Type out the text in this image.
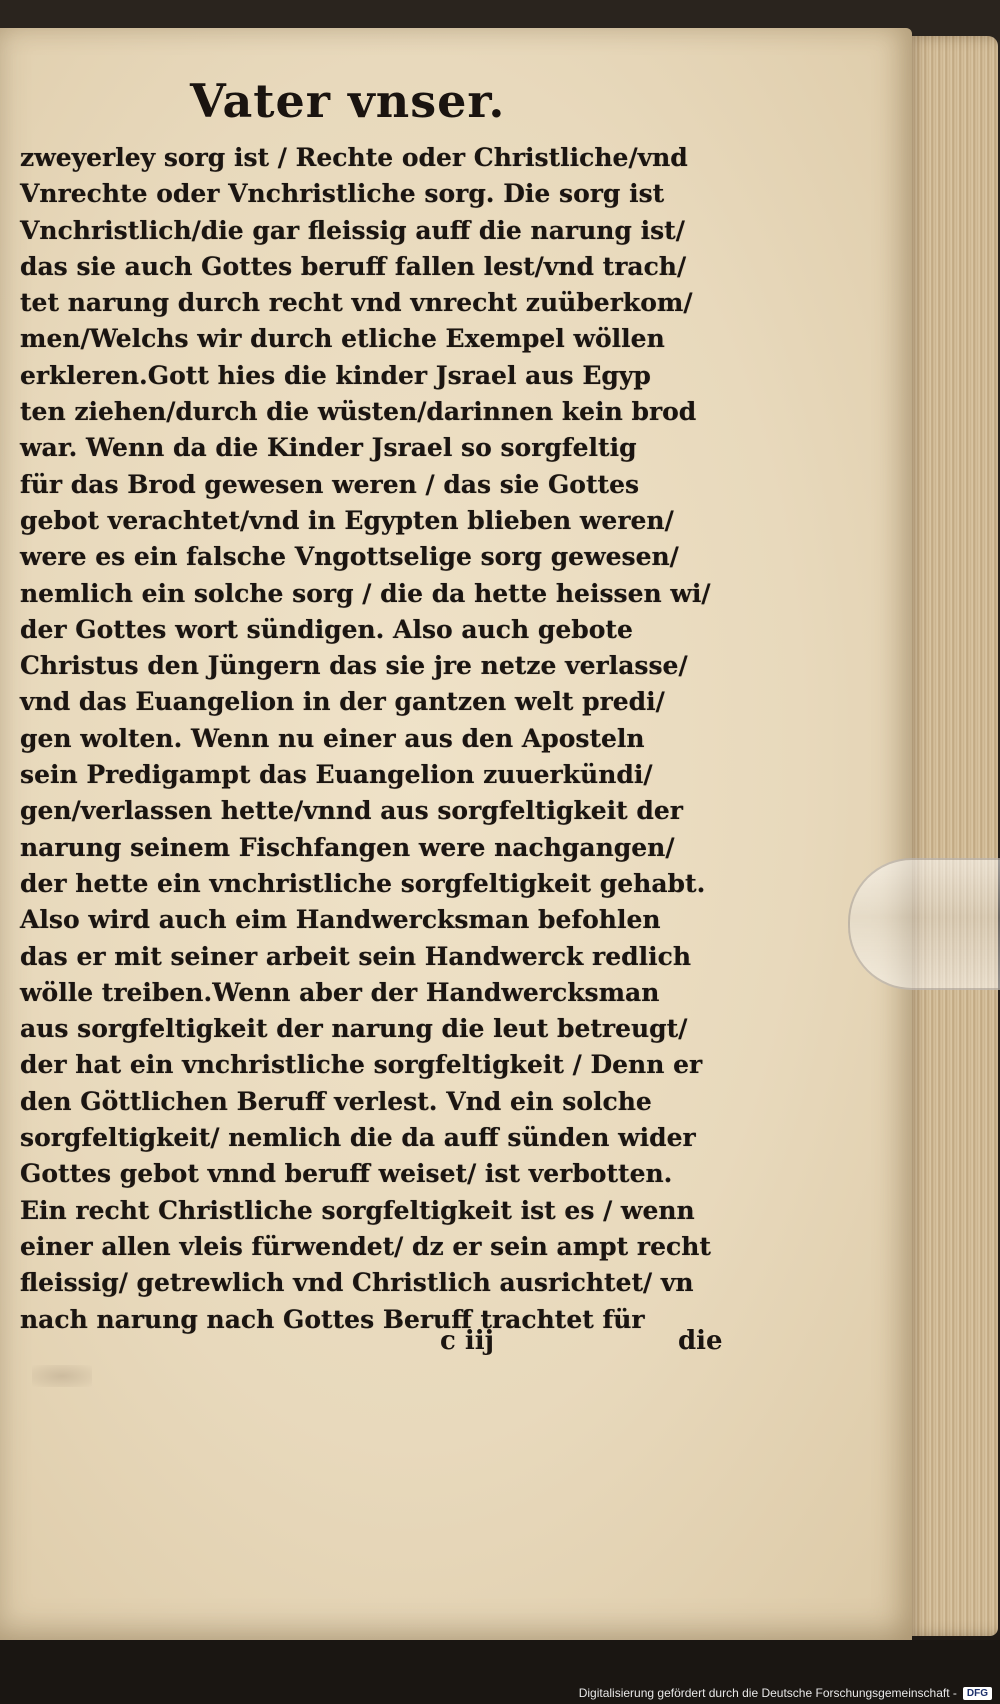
Vater vnser.
zweyerley sorg ist / Rechte oder Christliche/vnd
Vnrechte oder Vnchristliche sorg. Die sorg ist
Vnchristlich/die gar fleissig auff die narung ist/
das sie auch Gottes beruff fallen lest/vnd trach/
tet narung durch recht vnd vnrecht zuüberkom/
men/Welchs wir durch etliche Exempel wöllen
erkleren.Gott hies die kinder Jsrael aus Egyp
ten ziehen/durch die wüsten/darinnen kein brod
war. Wenn da die Kinder Jsrael so sorgfeltig
für das Brod gewesen weren / das sie Gottes
gebot verachtet/vnd in Egypten blieben weren/
were es ein falsche Vngottselige sorg gewesen/
nemlich ein solche sorg / die da hette heissen wi/
der Gottes wort sündigen. Also auch gebote
Christus den Jüngern das sie jre netze verlasse/
vnd das Euangelion in der gantzen welt predi/
gen wolten. Wenn nu einer aus den Aposteln
sein Predigampt das Euangelion zuuerkündi/
gen/verlassen hette/vnnd aus sorgfeltigkeit der
narung seinem Fischfangen were nachgangen/
der hette ein vnchristliche sorgfeltigkeit gehabt.
Also wird auch eim Handwercksman befohlen
das er mit seiner arbeit sein Handwerck redlich
wölle treiben.Wenn aber der Handwercksman
aus sorgfeltigkeit der narung die leut betreugt/
der hat ein vnchristliche sorgfeltigkeit / Denn er
den Göttlichen Beruff verlest. Vnd ein solche
sorgfeltigkeit/ nemlich die da auff sünden wider
Gottes gebot vnnd beruff weiset/ ist verbotten.
Ein recht Christliche sorgfeltigkeit ist es / wenn
einer allen vleis fürwendet/ dz er sein ampt recht
fleissig/ getrewlich vnd Christlich ausrichtet/ vn
nach narung nach Gottes Beruff trachtet für
c iij	die
Digitalisierung gefördert durch die Deutsche Forschungsgemeinschaft -	DFG
